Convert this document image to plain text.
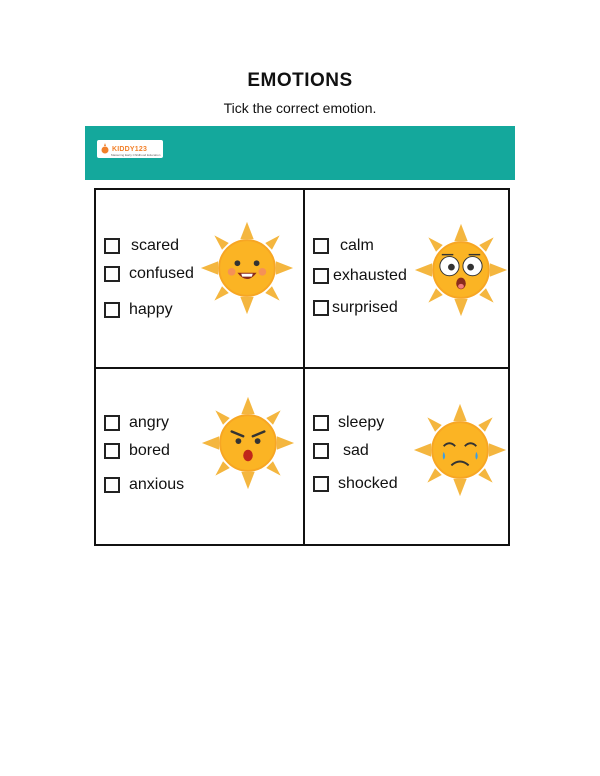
EMOTIONS
Tick the correct emotion.
KIDDY123
Mastering Early Childhood Education
scared
confused
happy
calm
exhausted
surprised
angry
bored
anxious
sleepy
sad
shocked
